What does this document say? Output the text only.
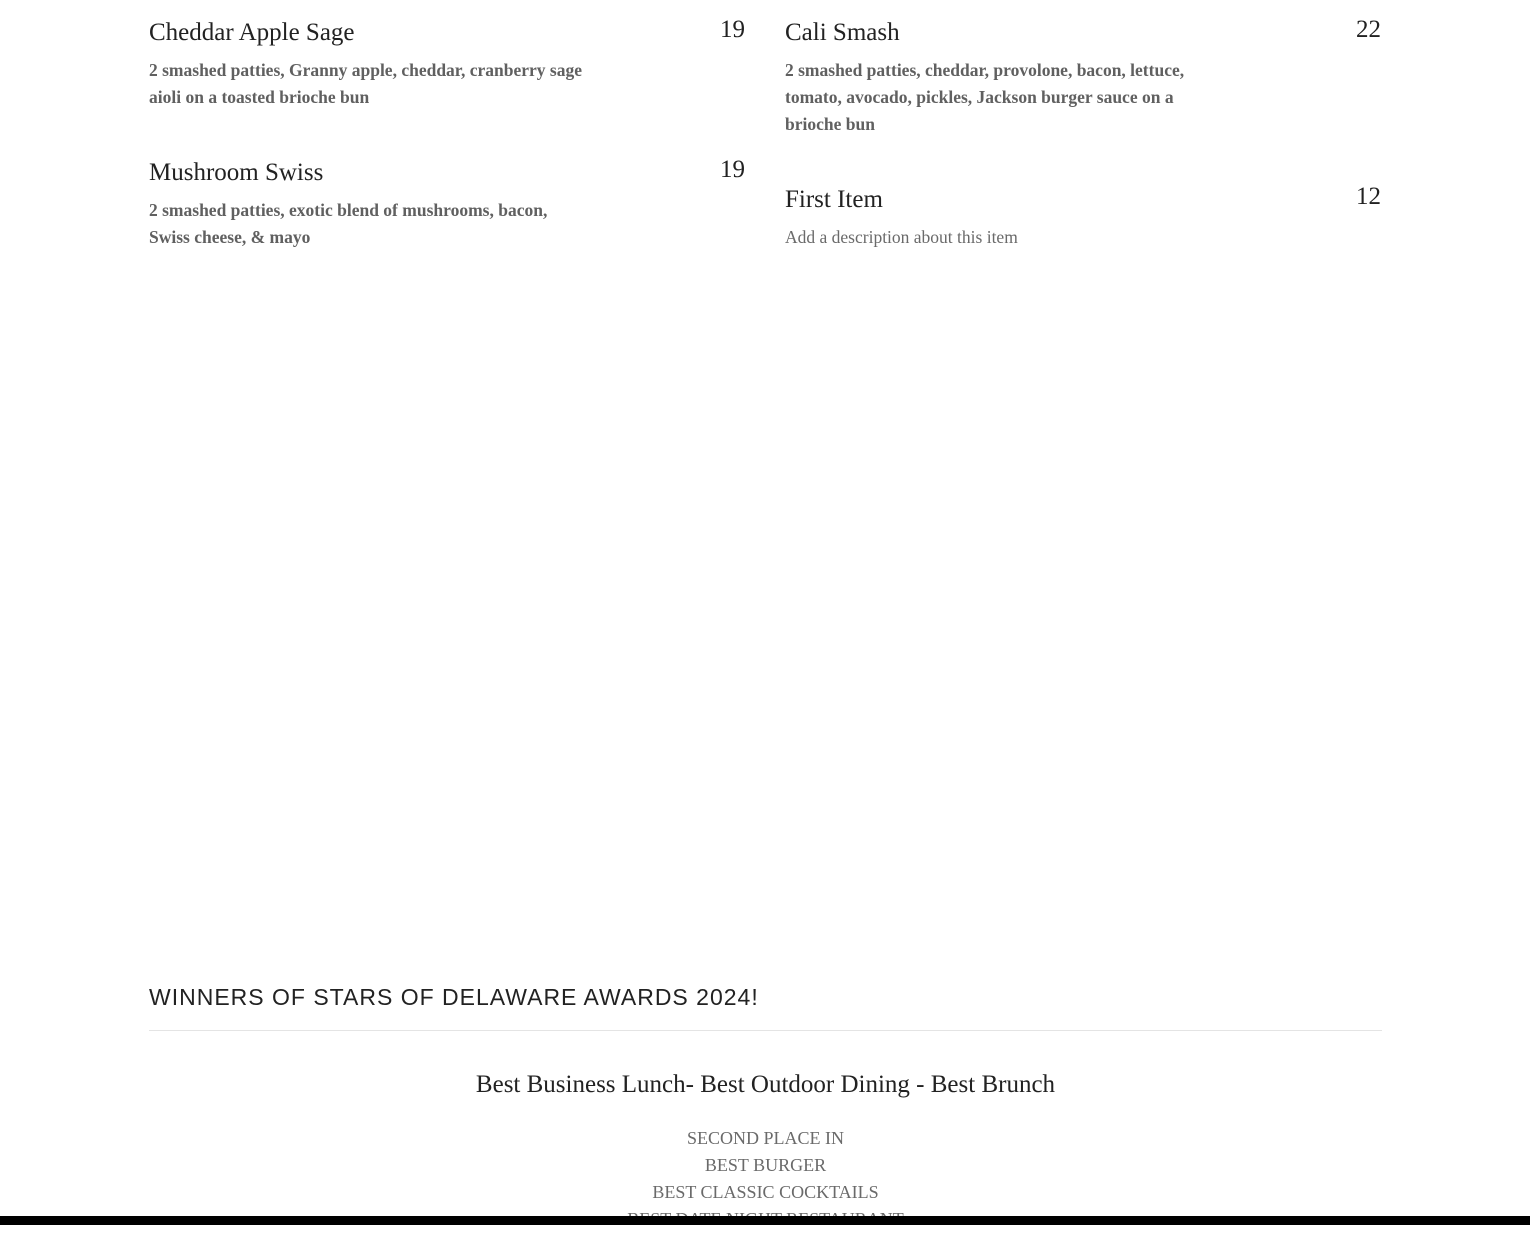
Cheddar Apple Sage	19
2 smashed patties, Granny apple, cheddar, cranberry sage aioli on a toasted brioche bun
Mushroom Swiss	19
2 smashed patties, exotic blend of mushrooms, bacon, Swiss cheese, & mayo
Cali Smash	22
2 smashed patties, cheddar, provolone, bacon, lettuce, tomato, avocado, pickles, Jackson burger sauce on a brioche bun
First Item	12
Add a description about this item
WINNERS OF STARS OF DELAWARE AWARDS 2024!
Best Business Lunch- Best Outdoor Dining - Best Brunch
SECOND PLACE IN
BEST BURGER
BEST CLASSIC COCKTAILS
